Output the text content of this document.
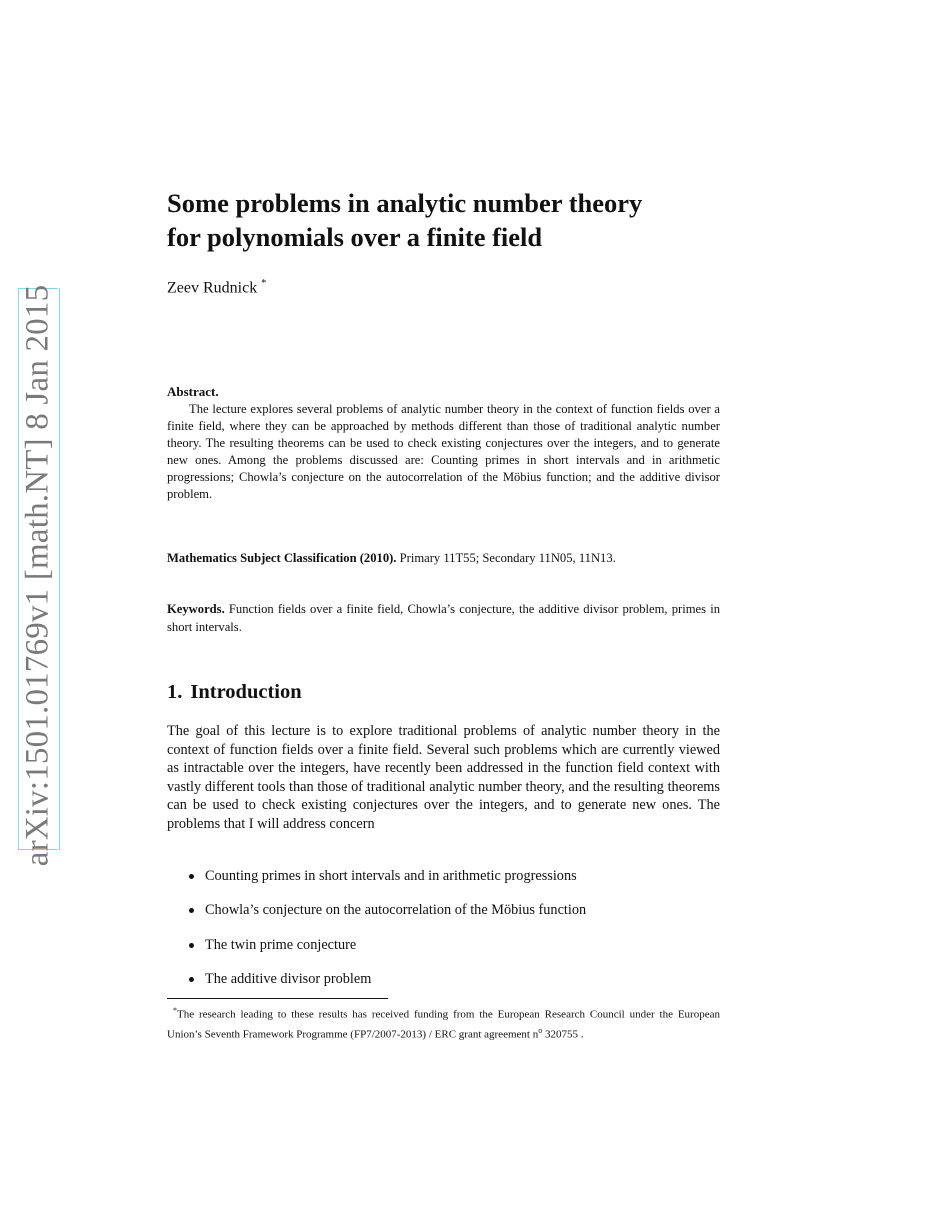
arXiv:1501.01769v1 [math.NT] 8 Jan 2015
Some problems in analytic number theory
for polynomials over a finite field
Zeev Rudnick *
Abstract.
The lecture explores several problems of analytic number theory in the context of function fields over a finite field, where they can be approached by methods different than those of traditional analytic number theory. The resulting theorems can be used to check existing conjectures over the integers, and to generate new ones. Among the problems discussed are: Counting primes in short intervals and in arithmetic progressions; Chowla’s conjecture on the autocorrelation of the Möbius function; and the additive divisor problem.
Mathematics Subject Classification (2010). Primary 11T55; Secondary 11N05, 11N13.
Keywords. Function fields over a finite field, Chowla’s conjecture, the additive divisor problem, primes in short intervals.
1. Introduction
The goal of this lecture is to explore traditional problems of analytic number theory in the context of function fields over a finite field. Several such problems which are currently viewed as intractable over the integers, have recently been addressed in the function field context with vastly different tools than those of traditional analytic number theory, and the resulting theorems can be used to check existing conjectures over the integers, and to generate new ones. The problems that I will address concern
Counting primes in short intervals and in arithmetic progressions
Chowla’s conjecture on the autocorrelation of the Möbius function
The twin prime conjecture
The additive divisor problem
*The research leading to these results has received funding from the European Research Council under the European Union’s Seventh Framework Programme (FP7/2007-2013) / ERC grant agreement $n^o$ 320755 .
